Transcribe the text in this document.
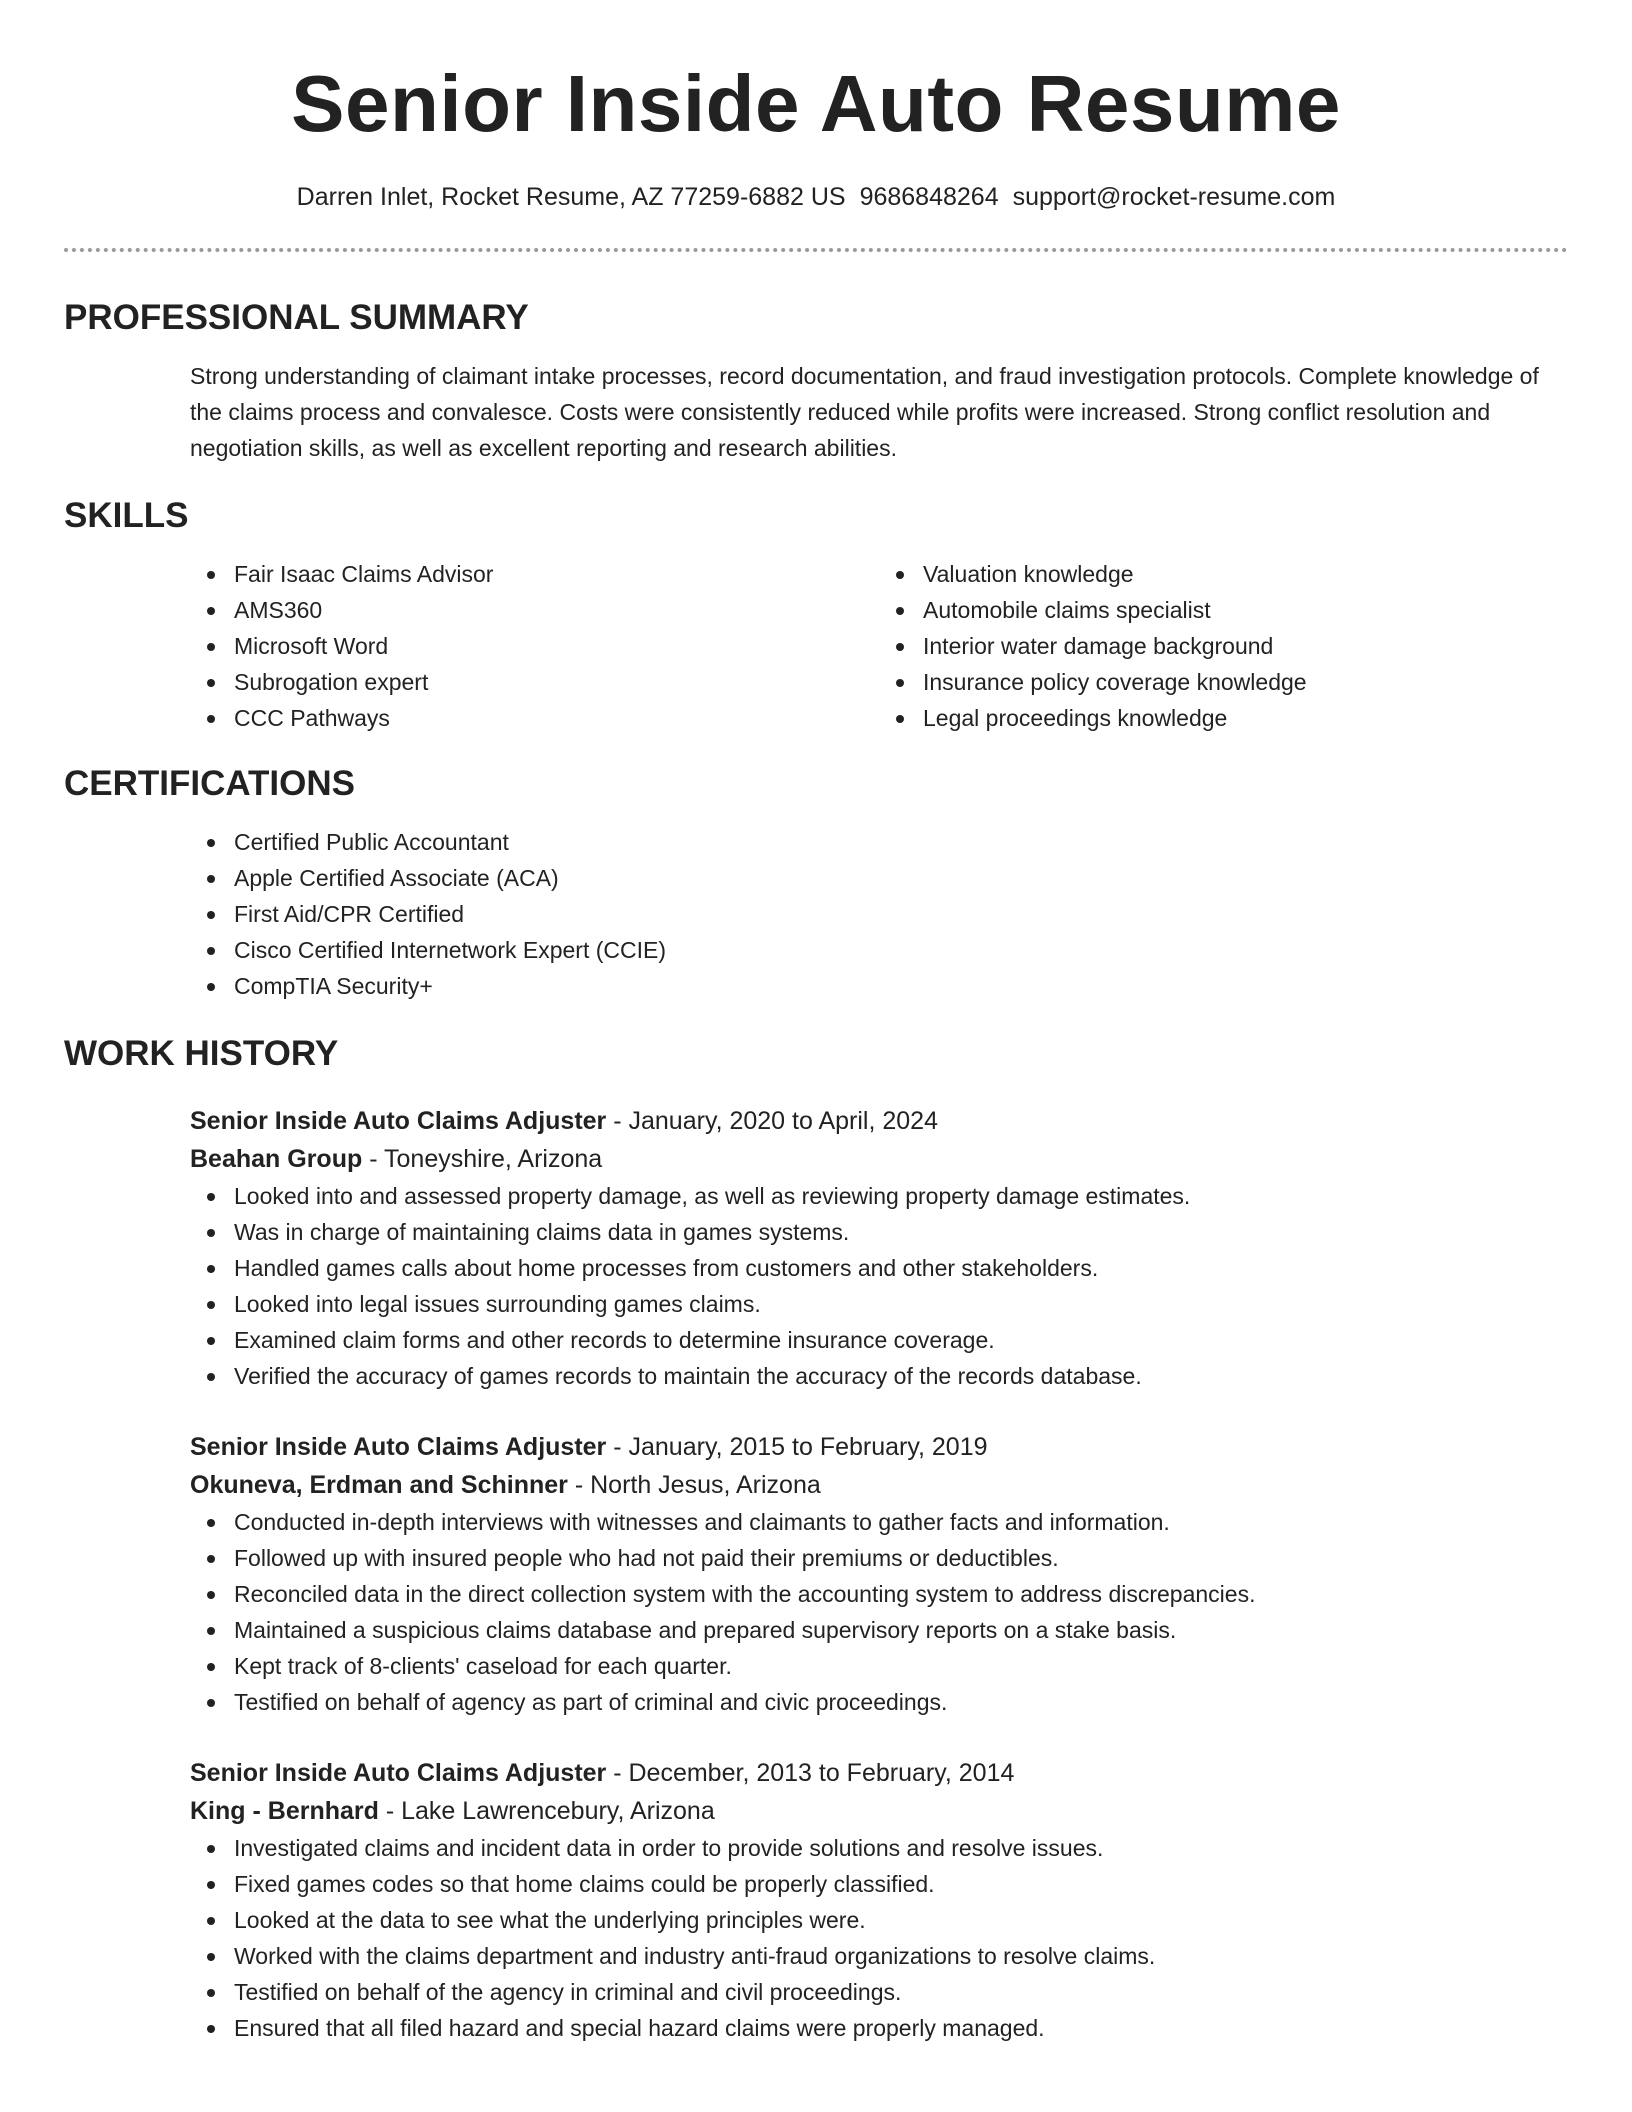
Senior Inside Auto Resume
Darren Inlet, Rocket Resume, AZ 77259-6882 US 9686848264 support@rocket-resume.com
PROFESSIONAL SUMMARY
Strong understanding of claimant intake processes, record documentation, and fraud investigation protocols. Complete knowledge of the claims process and convalesce. Costs were consistently reduced while profits were increased. Strong conflict resolution and negotiation skills, as well as excellent reporting and research abilities.
SKILLS
Fair Isaac Claims Advisor
AMS360
Microsoft Word
Subrogation expert
CCC Pathways
Valuation knowledge
Automobile claims specialist
Interior water damage background
Insurance policy coverage knowledge
Legal proceedings knowledge
CERTIFICATIONS
Certified Public Accountant
Apple Certified Associate (ACA)
First Aid/CPR Certified
Cisco Certified Internetwork Expert (CCIE)
CompTIA Security+
WORK HISTORY
Senior Inside Auto Claims Adjuster - January, 2020 to April, 2024
Beahan Group - Toneyshire, Arizona
Looked into and assessed property damage, as well as reviewing property damage estimates.
Was in charge of maintaining claims data in games systems.
Handled games calls about home processes from customers and other stakeholders.
Looked into legal issues surrounding games claims.
Examined claim forms and other records to determine insurance coverage.
Verified the accuracy of games records to maintain the accuracy of the records database.
Senior Inside Auto Claims Adjuster - January, 2015 to February, 2019
Okuneva, Erdman and Schinner - North Jesus, Arizona
Conducted in-depth interviews with witnesses and claimants to gather facts and information.
Followed up with insured people who had not paid their premiums or deductibles.
Reconciled data in the direct collection system with the accounting system to address discrepancies.
Maintained a suspicious claims database and prepared supervisory reports on a stake basis.
Kept track of 8-clients' caseload for each quarter.
Testified on behalf of agency as part of criminal and civic proceedings.
Senior Inside Auto Claims Adjuster - December, 2013 to February, 2014
King - Bernhard - Lake Lawrencebury, Arizona
Investigated claims and incident data in order to provide solutions and resolve issues.
Fixed games codes so that home claims could be properly classified.
Looked at the data to see what the underlying principles were.
Worked with the claims department and industry anti-fraud organizations to resolve claims.
Testified on behalf of the agency in criminal and civil proceedings.
Ensured that all filed hazard and special hazard claims were properly managed.
